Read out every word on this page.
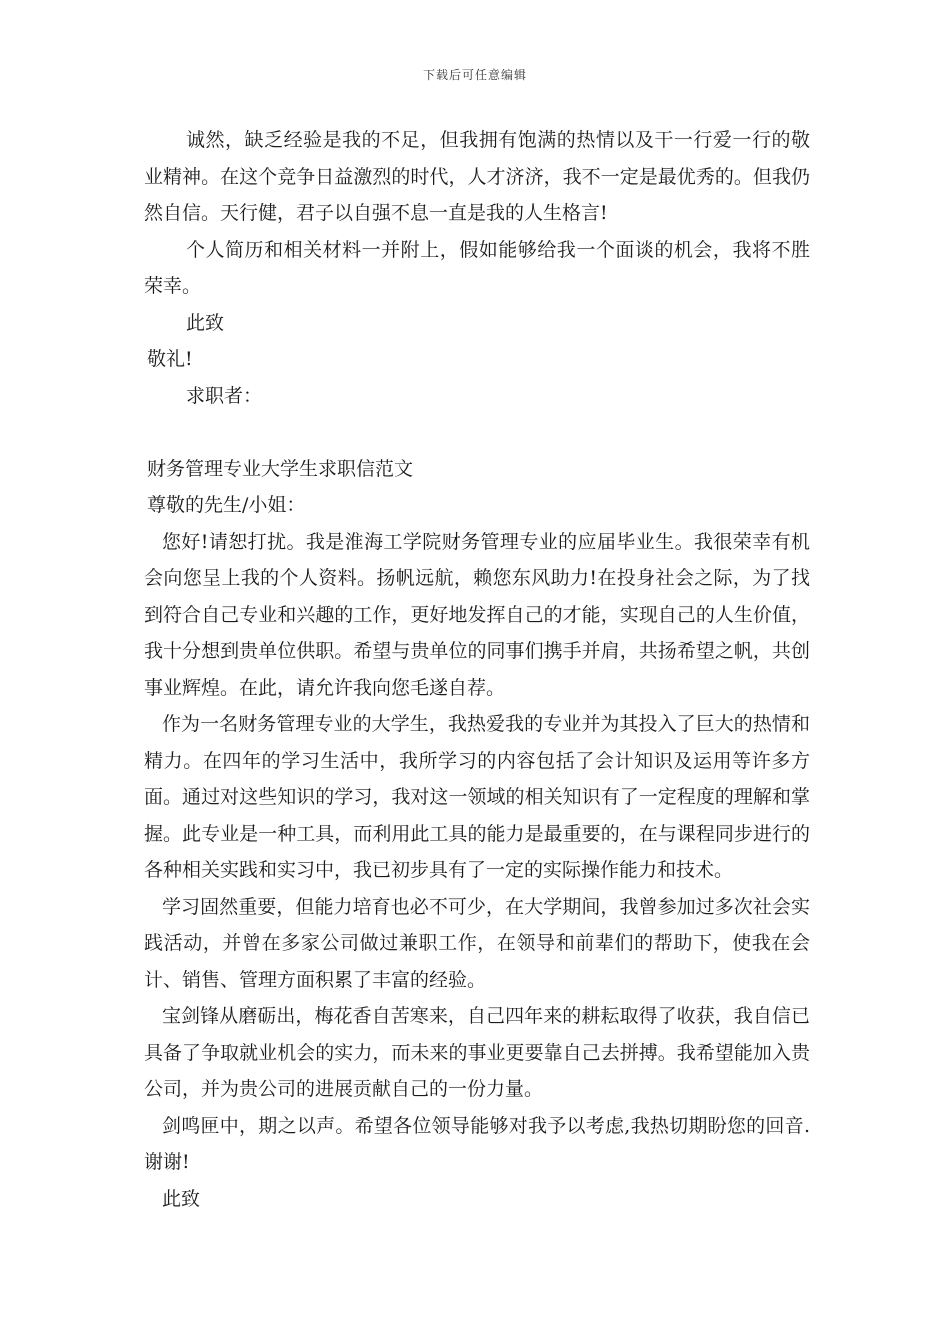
下载后可任意编辑

诚然，缺乏经验是我的不足，但我拥有饱满的热情以及干一行爱一行的敬业精神。在这个竞争日益激烈的时代，人才济济，我不一定是最优秀的。但我仍然自信。天行健，君子以自强不息一直是我的人生格言!

个人简历和相关材料一并附上，假如能够给我一个面谈的机会，我将不胜荣幸。

此致

敬礼!

求职者：

财务管理专业大学生求职信范文

尊敬的先生/小姐：

您好!请恕打扰。我是淮海工学院财务管理专业的应届毕业生。我很荣幸有机会向您呈上我的个人资料。扬帆远航，赖您东风助力!在投身社会之际，为了找到符合自己专业和兴趣的工作，更好地发挥自己的才能，实现自己的人生价值，我十分想到贵单位供职。希望与贵单位的同事们携手并肩，共扬希望之帆，共创事业辉煌。在此，请允许我向您毛遂自荐。

作为一名财务管理专业的大学生，我热爱我的专业并为其投入了巨大的热情和精力。在四年的学习生活中，我所学习的内容包括了会计知识及运用等许多方面。通过对这些知识的学习，我对这一领域的相关知识有了一定程度的理解和掌握。此专业是一种工具，而利用此工具的能力是最重要的，在与课程同步进行的各种相关实践和实习中，我已初步具有了一定的实际操作能力和技术。

学习固然重要，但能力培育也必不可少，在大学期间，我曾参加过多次社会实践活动，并曾在多家公司做过兼职工作，在领导和前辈们的帮助下，使我在会计、销售、管理方面积累了丰富的经验。

宝剑锋从磨砺出，梅花香自苦寒来，自己四年来的耕耘取得了收获，我自信已具备了争取就业机会的实力，而未来的事业更要靠自己去拼搏。我希望能加入贵公司，并为贵公司的进展贡献自己的一份力量。

剑鸣匣中，期之以声。希望各位领导能够对我予以考虑,我热切期盼您的回音.谢谢!

此致
